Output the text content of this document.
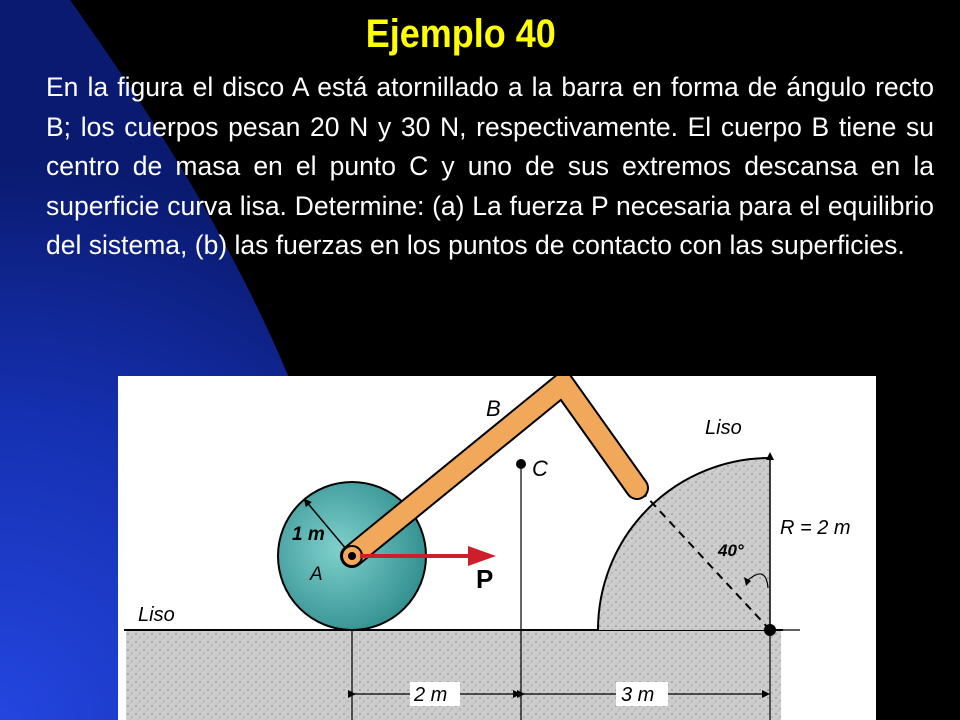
Ejemplo 40

En la figura el disco A está atornillado a la barra en forma de ángulo recto B; los cuerpos pesan 20 N y 30 N, respectivamente. El cuerpo B tiene su centro de masa en el punto C y uno de sus extremos descansa en la superficie curva lisa. Determine: (a) La fuerza P necesaria para el equilibrio del sistema, (b) las fuerzas en los puntos de contacto con las superficies.

B
C
1 m
A	P
Liso
Liso
R = 2 m
40°
2 m	3 m
